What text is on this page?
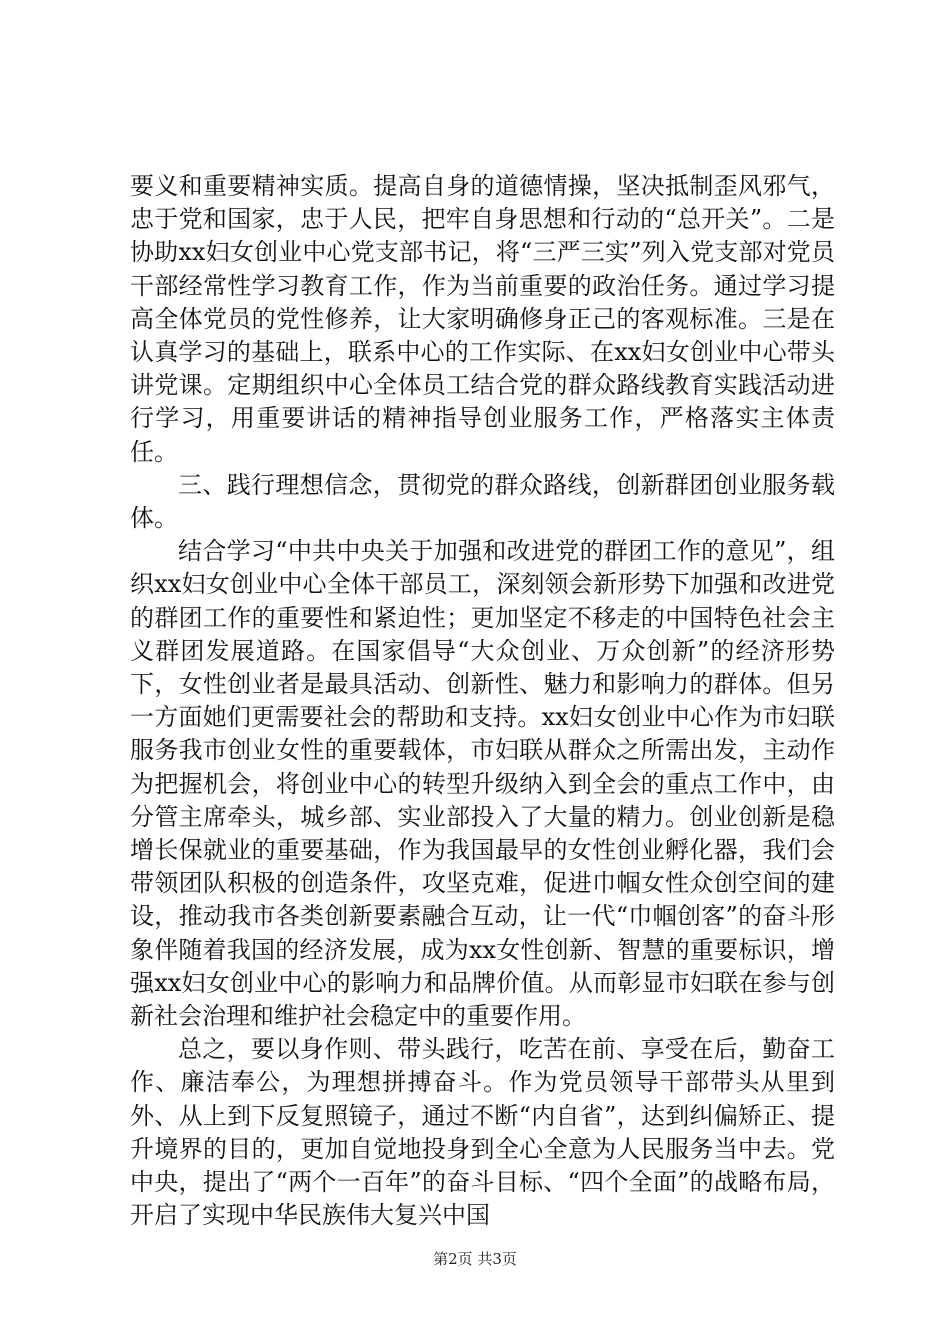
要义和重要精神实质。提高自身的道德情操，坚决抵制歪风邪气，忠于党和国家，忠于人民，把牢自身思想和行动的“总开关”。二是协助xx妇女创业中心党支部书记，将“三严三实”列入党支部对党员干部经常性学习教育工作，作为当前重要的政治任务。通过学习提高全体党员的党性修养，让大家明确修身正己的客观标准。三是在认真学习的基础上，联系中心的工作实际、在xx妇女创业中心带头讲党课。定期组织中心全体员工结合党的群众路线教育实践活动进行学习，用重要讲话的精神指导创业服务工作，严格落实主体责任。

三、践行理想信念，贯彻党的群众路线，创新群团创业服务载体。

结合学习“中共中央关于加强和改进党的群团工作的意见”，组织xx妇女创业中心全体干部员工，深刻领会新形势下加强和改进党的群团工作的重要性和紧迫性；更加坚定不移走的中国特色社会主义群团发展道路。在国家倡导“大众创业、万众创新”的经济形势下，女性创业者是最具活动、创新性、魅力和影响力的群体。但另一方面她们更需要社会的帮助和支持。xx妇女创业中心作为市妇联服务我市创业女性的重要载体，市妇联从群众之所需出发，主动作为把握机会，将创业中心的转型升级纳入到全会的重点工作中，由分管主席牵头，城乡部、实业部投入了大量的精力。创业创新是稳增长保就业的重要基础，作为我国最早的女性创业孵化器，我们会带领团队积极的创造条件，攻坚克难，促进巾帼女性众创空间的建设，推动我市各类创新要素融合互动，让一代“巾帼创客”的奋斗形象伴随着我国的经济发展，成为xx女性创新、智慧的重要标识，增强xx妇女创业中心的影响力和品牌价值。从而彰显市妇联在参与创新社会治理和维护社会稳定中的重要作用。

总之，要以身作则、带头践行，吃苦在前、享受在后，勤奋工作、廉洁奉公，为理想拼搏奋斗。作为党员领导干部带头从里到外、从上到下反复照镜子，通过不断“内自省”，达到纠偏矫正、提升境界的目的，更加自觉地投身到全心全意为人民服务当中去。党中央，提出了“两个一百年”的奋斗目标、“四个全面”的战略布局，开启了实现中华民族伟大复兴中国

第2页 共3页
